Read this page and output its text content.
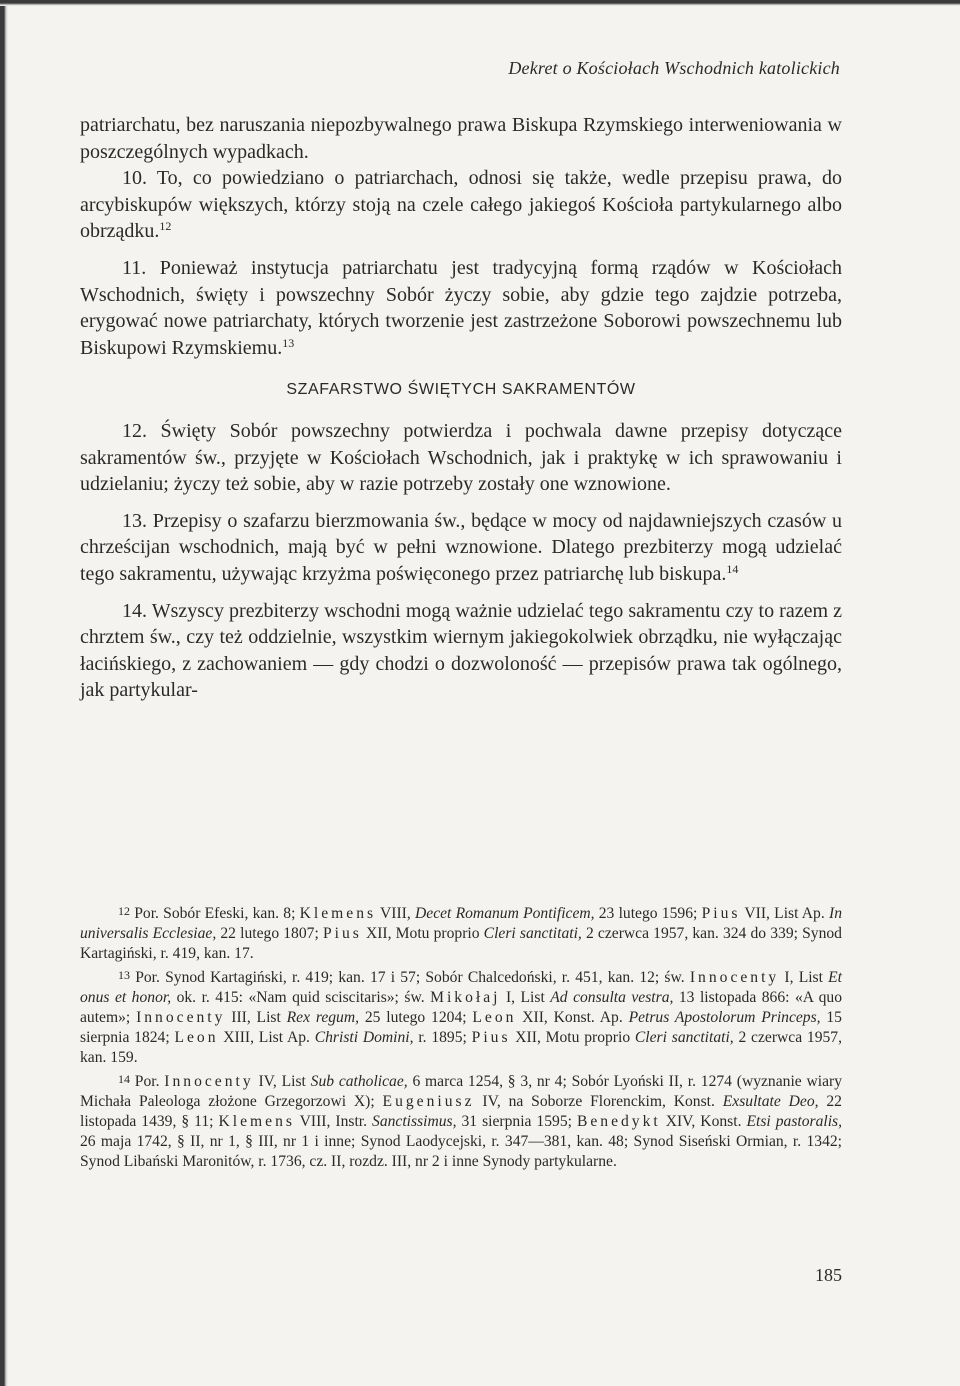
Dekret o Kościołach Wschodnich katolickich

patriarchatu, bez naruszania niepozbywalnego prawa Biskupa Rzymskiego interweniowania w poszczególnych wypadkach.

10. To, co powiedziano o patriarchach, odnosi się także, wedle przepisu prawa, do arcybiskupów większych, którzy stoją na czele całego jakiegoś Kościoła partykularnego albo obrządku.$^{12}$

11. Ponieważ instytucja patriarchatu jest tradycyjną formą rządów w Kościołach Wschodnich, święty i powszechny Sobór życzy sobie, aby gdzie tego zajdzie potrzeba, erygować nowe patriarchaty, których tworzenie jest zastrzeżone Soborowi powszechnemu lub Biskupowi Rzymskiemu.$^{13}$

SZAFARSTWO ŚWIĘTYCH SAKRAMENTÓW

12. Święty Sobór powszechny potwierdza i pochwala dawne przepisy dotyczące sakramentów św., przyjęte w Kościołach Wschodnich, jak i praktykę w ich sprawowaniu i udzielaniu; życzy też sobie, aby w razie potrzeby zostały one wznowione.

13. Przepisy o szafarzu bierzmowania św., będące w mocy od najdawniejszych czasów u chrześcijan wschodnich, mają być w pełni wznowione. Dlatego prezbiterzy mogą udzielać tego sakramentu, używając krzyżma poświęconego przez patriarchę lub biskupa.$^{14}$

14. Wszyscy prezbiterzy wschodni mogą ważnie udzielać tego sakramentu czy to razem z chrztem św., czy też oddzielnie, wszystkim wiernym jakiegokolwiek obrządku, nie wyłączając łacińskiego, z zachowaniem — gdy chodzi o dozwoloność — przepisów prawa tak ogólnego, jak partykular-

12 Por. Sobór Efeski, kan. 8; Klemens VIII, Decet Romanum Pontificem, 23 lutego 1596; Pius VII, List Ap. In universalis Ecclesiae, 22 lutego 1807; Pius XII, Motu proprio Cleri sanctitati, 2 czerwca 1957, kan. 324 do 339; Synod Kartagiński, r. 419, kan. 17.

13 Por. Synod Kartagiński, r. 419; kan. 17 i 57; Sobór Chalcedoński, r. 451, kan. 12; św. Innocenty I, List Et onus et honor, ok. r. 415: «Nam quid sciscitaris»; św. Mikołaj I, List Ad consulta vestra, 13 listopada 866: «A quo autem»; Innocenty III, List Rex regum, 25 lutego 1204; Leon XII, Konst. Ap. Petrus Apostolorum Princeps, 15 sierpnia 1824; Leon XIII, List Ap. Christi Domini, r. 1895; Pius XII, Motu proprio Cleri sanctitati, 2 czerwca 1957, kan. 159.

14 Por. Innocenty IV, List Sub catholicae, 6 marca 1254, § 3, nr 4; Sobór Lyoński II, r. 1274 (wyznanie wiary Michała Paleologa złożone Grzegorzowi X); Eugeniusz IV, na Soborze Florenckim, Konst. Exsultate Deo, 22 listopada 1439, § 11; Klemens VIII, Instr. Sanctissimus, 31 sierpnia 1595; Benedykt XIV, Konst. Etsi pastoralis, 26 maja 1742, § II, nr 1, § III, nr 1 i inne; Synod Laodycejski, r. 347—381, kan. 48; Synod Siseński Ormian, r. 1342; Synod Libański Maronitów, r. 1736, cz. II, rozdz. III, nr 2 i inne Synody partykularne.

185
